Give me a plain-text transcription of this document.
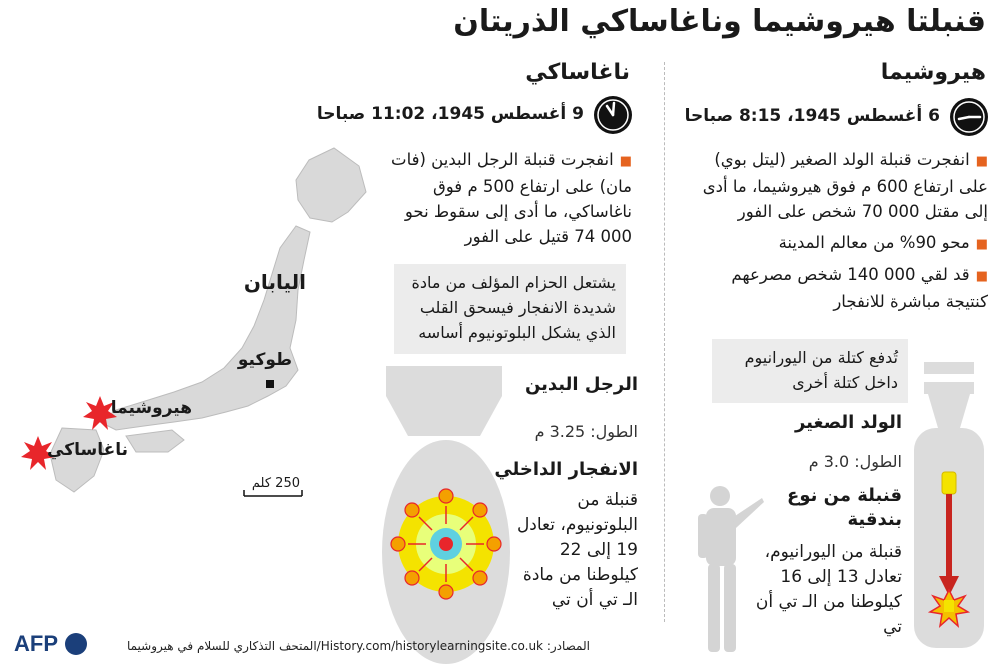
قنبلتا هيروشيما وناغاساكي الذريتان
هيروشيما
6 أغسطس 1945، 8:15 صباحا
■انفجرت قنبلة الولد الصغير (ليتل بوي) على ارتفاع 600 م فوق هيروشيما، ما أدى إلى مقتل 000 70 شخص على الفور
■محو 90% من معالم المدينة
■قد لقي 000 140 شخص مصرعهم كنتيجة مباشرة للانفجار
تُدفع كتلة من اليورانيوم داخل كتلة أخرى
الولد الصغير
الطول: 3.0 م
قنبلة من نوع بندقية
قنبلة من اليورانيوم، تعادل 13 إلى 16 كيلوطنا من الـ تي أن تي
ناغاساكي
9 أغسطس 1945، 11:02 صباحا
■انفجرت قنبلة الرجل البدين (فات مان) على ارتفاع 500 م فوق ناغاساكي، ما أدى إلى سقوط نحو 000 74 قتيل على الفور
يشتعل الحزام المؤلف من مادة شديدة الانفجار فيسحق القلب الذي يشكل البلوتونيوم أساسه
الرجل البدين
الطول: 3.25 م
الانفجار الداخلي
قنبلة من البلوتونيوم، تعادل 19 إلى 22 كيلوطنا من مادة الـ تي أن تي
اليابان
طوكيو
هيروشيما
ناغاساكي
250 كلم
المصادر: History.com/historylearningsite.co.uk/المتحف التذكاري للسلام في هيروشيما
AFP
